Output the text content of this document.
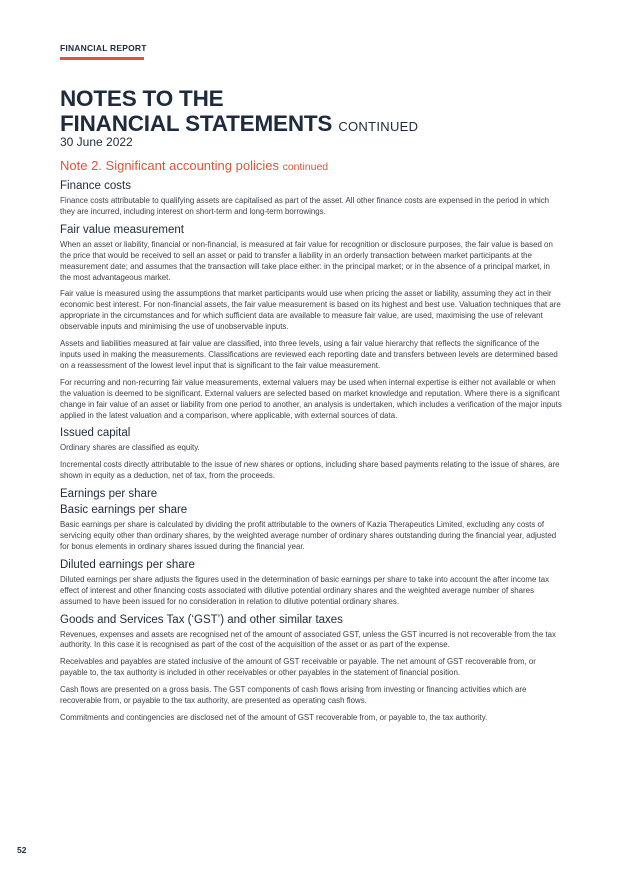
FINANCIAL REPORT
NOTES TO THE
FINANCIAL STATEMENTS CONTINUED
30 June 2022
Note 2. Significant accounting policies continued
Finance costs

Finance costs attributable to qualifying assets are capitalised as part of the asset. All other finance costs are expensed in the period in which they are incurred, including interest on short-term and long-term borrowings.

Fair value measurement

When an asset or liability, financial or non-financial, is measured at fair value for recognition or disclosure purposes, the fair value is based on the price that would be received to sell an asset or paid to transfer a liability in an orderly transaction between market participants at the measurement date; and assumes that the transaction will take place either: in the principal market; or in the absence of a principal market, in the most advantageous market.

Fair value is measured using the assumptions that market participants would use when pricing the asset or liability, assuming they act in their economic best interest. For non-financial assets, the fair value measurement is based on its highest and best use. Valuation techniques that are appropriate in the circumstances and for which sufficient data are available to measure fair value, are used, maximising the use of relevant observable inputs and minimising the use of unobservable inputs.

Assets and liabilities measured at fair value are classified, into three levels, using a fair value hierarchy that reflects the significance of the inputs used in making the measurements. Classifications are reviewed each reporting date and transfers between levels are determined based on a reassessment of the lowest level input that is significant to the fair value measurement.

For recurring and non-recurring fair value measurements, external valuers may be used when internal expertise is either not available or when the valuation is deemed to be significant. External valuers are selected based on market knowledge and reputation. Where there is a significant change in fair value of an asset or liability from one period to another, an analysis is undertaken, which includes a verification of the major inputs applied in the latest valuation and a comparison, where applicable, with external sources of data.

Issued capital

Ordinary shares are classified as equity.

Incremental costs directly attributable to the issue of new shares or options, including share based payments relating to the issue of shares, are shown in equity as a deduction, net of tax, from the proceeds.

Earnings per share
Basic earnings per share

Basic earnings per share is calculated by dividing the profit attributable to the owners of Kazia Therapeutics Limited, excluding any costs of servicing equity other than ordinary shares, by the weighted average number of ordinary shares outstanding during the financial year, adjusted for bonus elements in ordinary shares issued during the financial year.

Diluted earnings per share

Diluted earnings per share adjusts the figures used in the determination of basic earnings per share to take into account the after income tax effect of interest and other financing costs associated with dilutive potential ordinary shares and the weighted average number of shares assumed to have been issued for no consideration in relation to dilutive potential ordinary shares.

Goods and Services Tax (‘GST’) and other similar taxes

Revenues, expenses and assets are recognised net of the amount of associated GST, unless the GST incurred is not recoverable from the tax authority. In this case it is recognised as part of the cost of the acquisition of the asset or as part of the expense.

Receivables and payables are stated inclusive of the amount of GST receivable or payable. The net amount of GST recoverable from, or payable to, the tax authority is included in other receivables or other payables in the statement of financial position.

Cash flows are presented on a gross basis. The GST components of cash flows arising from investing or financing activities which are recoverable from, or payable to the tax authority, are presented as operating cash flows.

Commitments and contingencies are disclosed net of the amount of GST recoverable from, or payable to, the tax authority.

52
